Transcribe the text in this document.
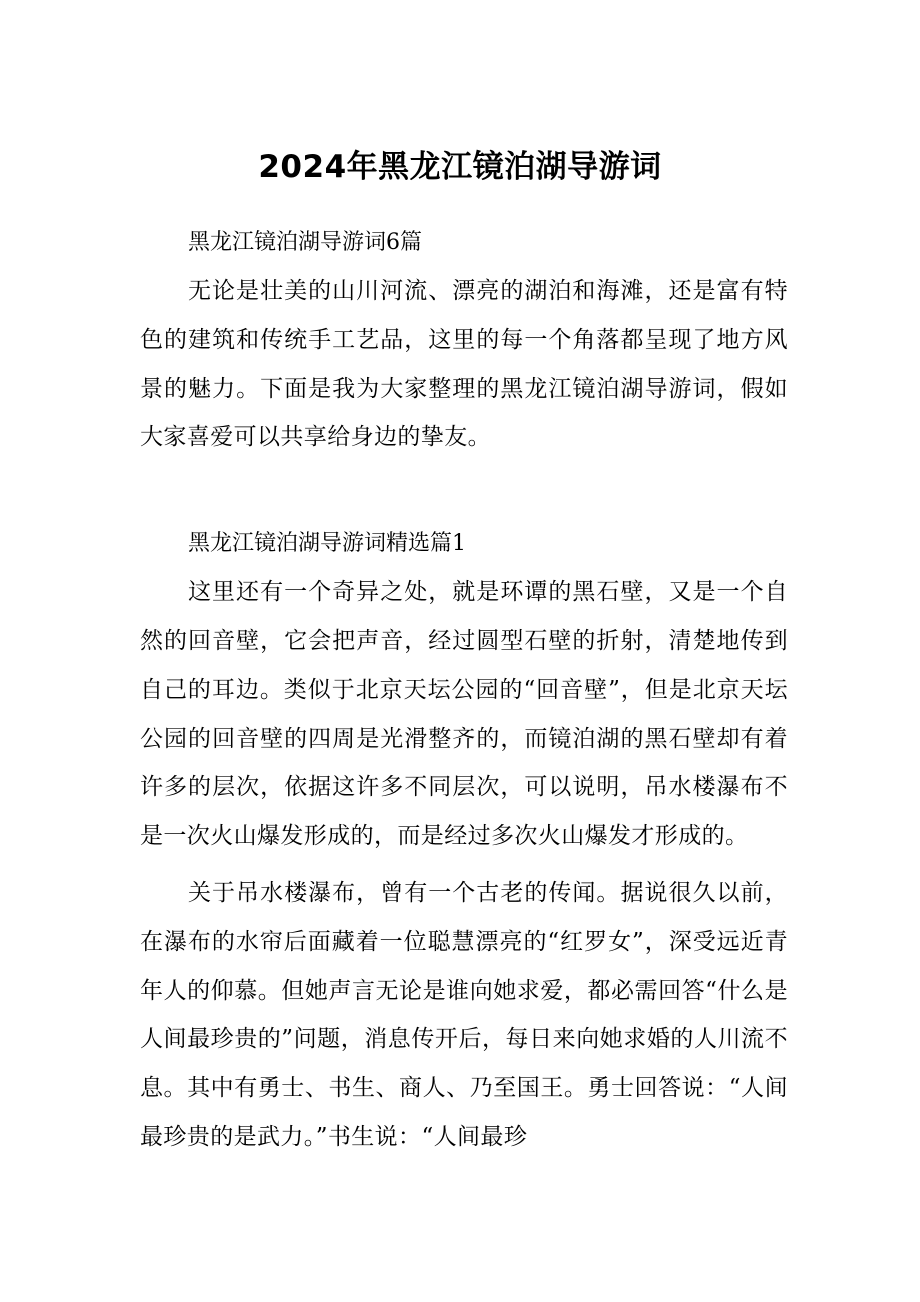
2024年黑龙江镜泊湖导游词

黑龙江镜泊湖导游词6篇

无论是壮美的山川河流、漂亮的湖泊和海滩，还是富有特色的建筑和传统手工艺品，这里的每一个角落都呈现了地方风景的魅力。下面是我为大家整理的黑龙江镜泊湖导游词，假如大家喜爱可以共享给身边的挚友。

黑龙江镜泊湖导游词精选篇1

这里还有一个奇异之处，就是环谭的黑石壁，又是一个自然的回音壁，它会把声音，经过圆型石壁的折射，清楚地传到自己的耳边。类似于北京天坛公园的“回音壁”，但是北京天坛公园的回音壁的四周是光滑整齐的，而镜泊湖的黑石壁却有着许多的层次，依据这许多不同层次，可以说明，吊水楼瀑布不是一次火山爆发形成的，而是经过多次火山爆发才形成的。

关于吊水楼瀑布，曾有一个古老的传闻。据说很久以前，在瀑布的水帘后面藏着一位聪慧漂亮的“红罗女”，深受远近青年人的仰慕。但她声言无论是谁向她求爱，都必需回答“什么是人间最珍贵的”问题，消息传开后，每日来向她求婚的人川流不息。其中有勇士、书生、商人、乃至国王。勇士回答说：“人间最珍贵的是武力。”书生说：“人间最珍
